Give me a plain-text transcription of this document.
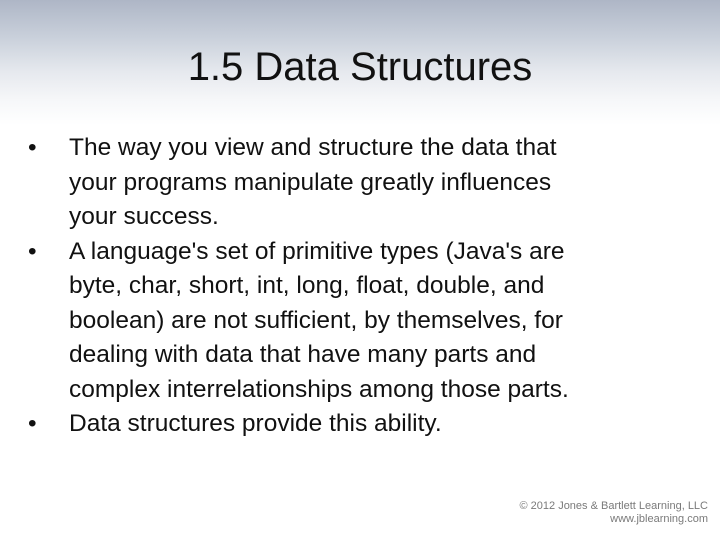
1.5 Data Structures
• The way you view and structure the data that
your programs manipulate greatly influences
your success.
• A language's set of primitive types (Java's are
byte, char, short, int, long, float, double, and
boolean) are not sufficient, by themselves, for
dealing with data that have many parts and
complex interrelationships among those parts.
• Data structures provide this ability.
© 2012 Jones & Bartlett Learning, LLC
www.jblearning.com
